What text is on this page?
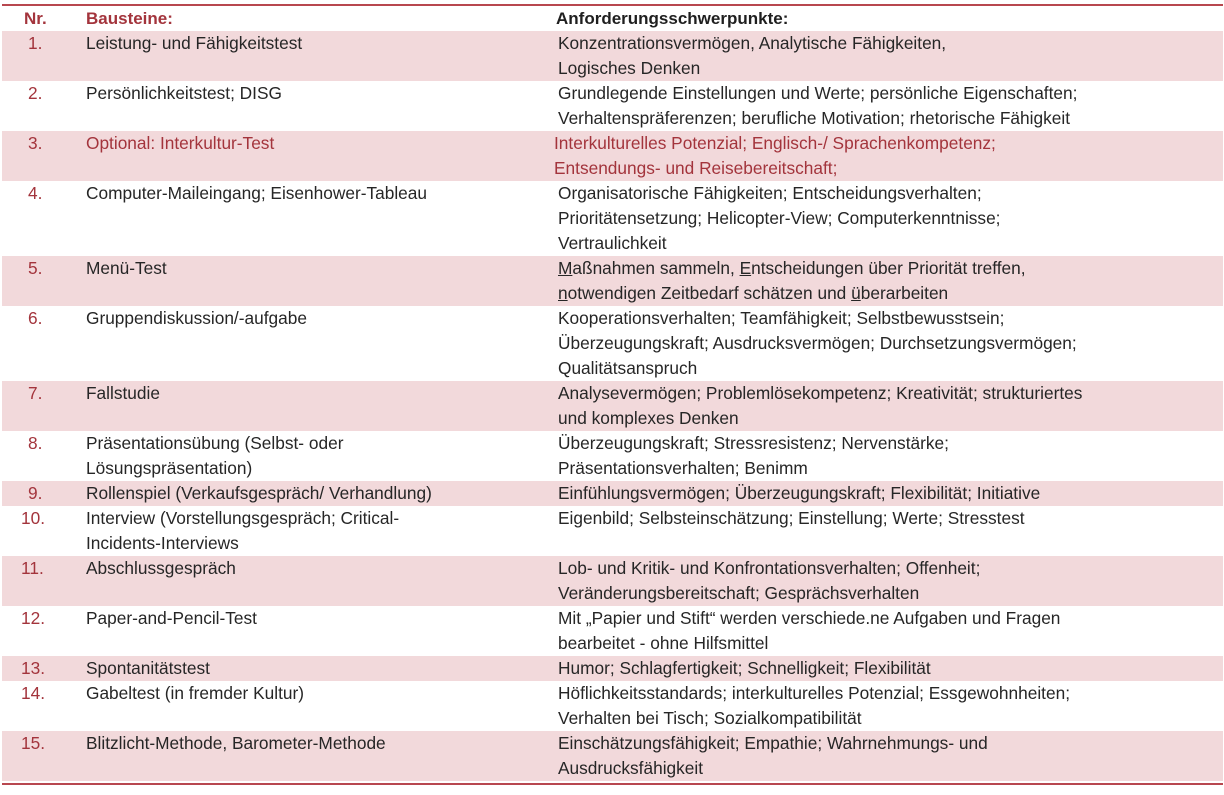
Nr.	Bausteine:	Anforderungsschwerpunkte:
1.	Leistung- und Fähigkeitstest	Konzentrationsvermögen, Analytische Fähigkeiten,
Logisches Denken

2.	Persönlichkeitstest; DISG	Grundlegende Einstellungen und Werte; persönliche Eigenschaften;
Verhaltenspräferenzen; berufliche Motivation; rhetorische Fähigkeit

3.	Optional: Interkultur-Test	Interkulturelles Potenzial; Englisch-/ Sprachenkompetenz;
Entsendungs- und Reisebereitschaft;

4.	Computer-Maileingang; Eisenhower-Tableau	Organisatorische Fähigkeiten; Entscheidungsverhalten;
Prioritätensetzung; Helicopter-View; Computerkenntnisse;
Vertraulichkeit

5.	Menü-Test	Maßnahmen sammeln, Entscheidungen über Priorität treffen,
notwendigen Zeitbedarf schätzen und überarbeiten

6.	Gruppendiskussion/-aufgabe	Kooperationsverhalten; Teamfähigkeit; Selbstbewusstsein;
Überzeugungskraft; Ausdrucksvermögen; Durchsetzungsvermögen;
Qualitätsanspruch

7.	Fallstudie	Analysevermögen; Problemlösekompetenz; Kreativität; strukturiertes
und komplexes Denken

8.	Präsentationsübung (Selbst- oder
Lösungspräsentation)	Überzeugungskraft; Stressresistenz; Nervenstärke;
Präsentationsverhalten; Benimm

9.	Rollenspiel (Verkaufsgespräch/ Verhandlung)	Einfühlungsvermögen; Überzeugungskraft; Flexibilität; Initiative

10.	Interview (Vorstellungsgespräch; Critical-
Incidents-Interviews	Eigenbild; Selbsteinschätzung; Einstellung; Werte; Stresstest

11.	Abschlussgespräch	Lob- und Kritik- und Konfrontationsverhalten; Offenheit;
Veränderungsbereitschaft; Gesprächsverhalten

12.	Paper-and-Pencil-Test	Mit „Papier und Stift“ werden verschiede.ne Aufgaben und Fragen
bearbeitet - ohne Hilfsmittel

13.	Spontanitätstest	Humor; Schlagfertigkeit; Schnelligkeit; Flexibilität

14.	Gabeltest (in fremder Kultur)	Höflichkeitsstandards; interkulturelles Potenzial; Essgewohnheiten;
Verhalten bei Tisch; Sozialkompatibilität

15.	Blitzlicht-Methode, Barometer-Methode	Einschätzungsfähigkeit; Empathie; Wahrnehmungs- und
Ausdrucksfähigkeit
